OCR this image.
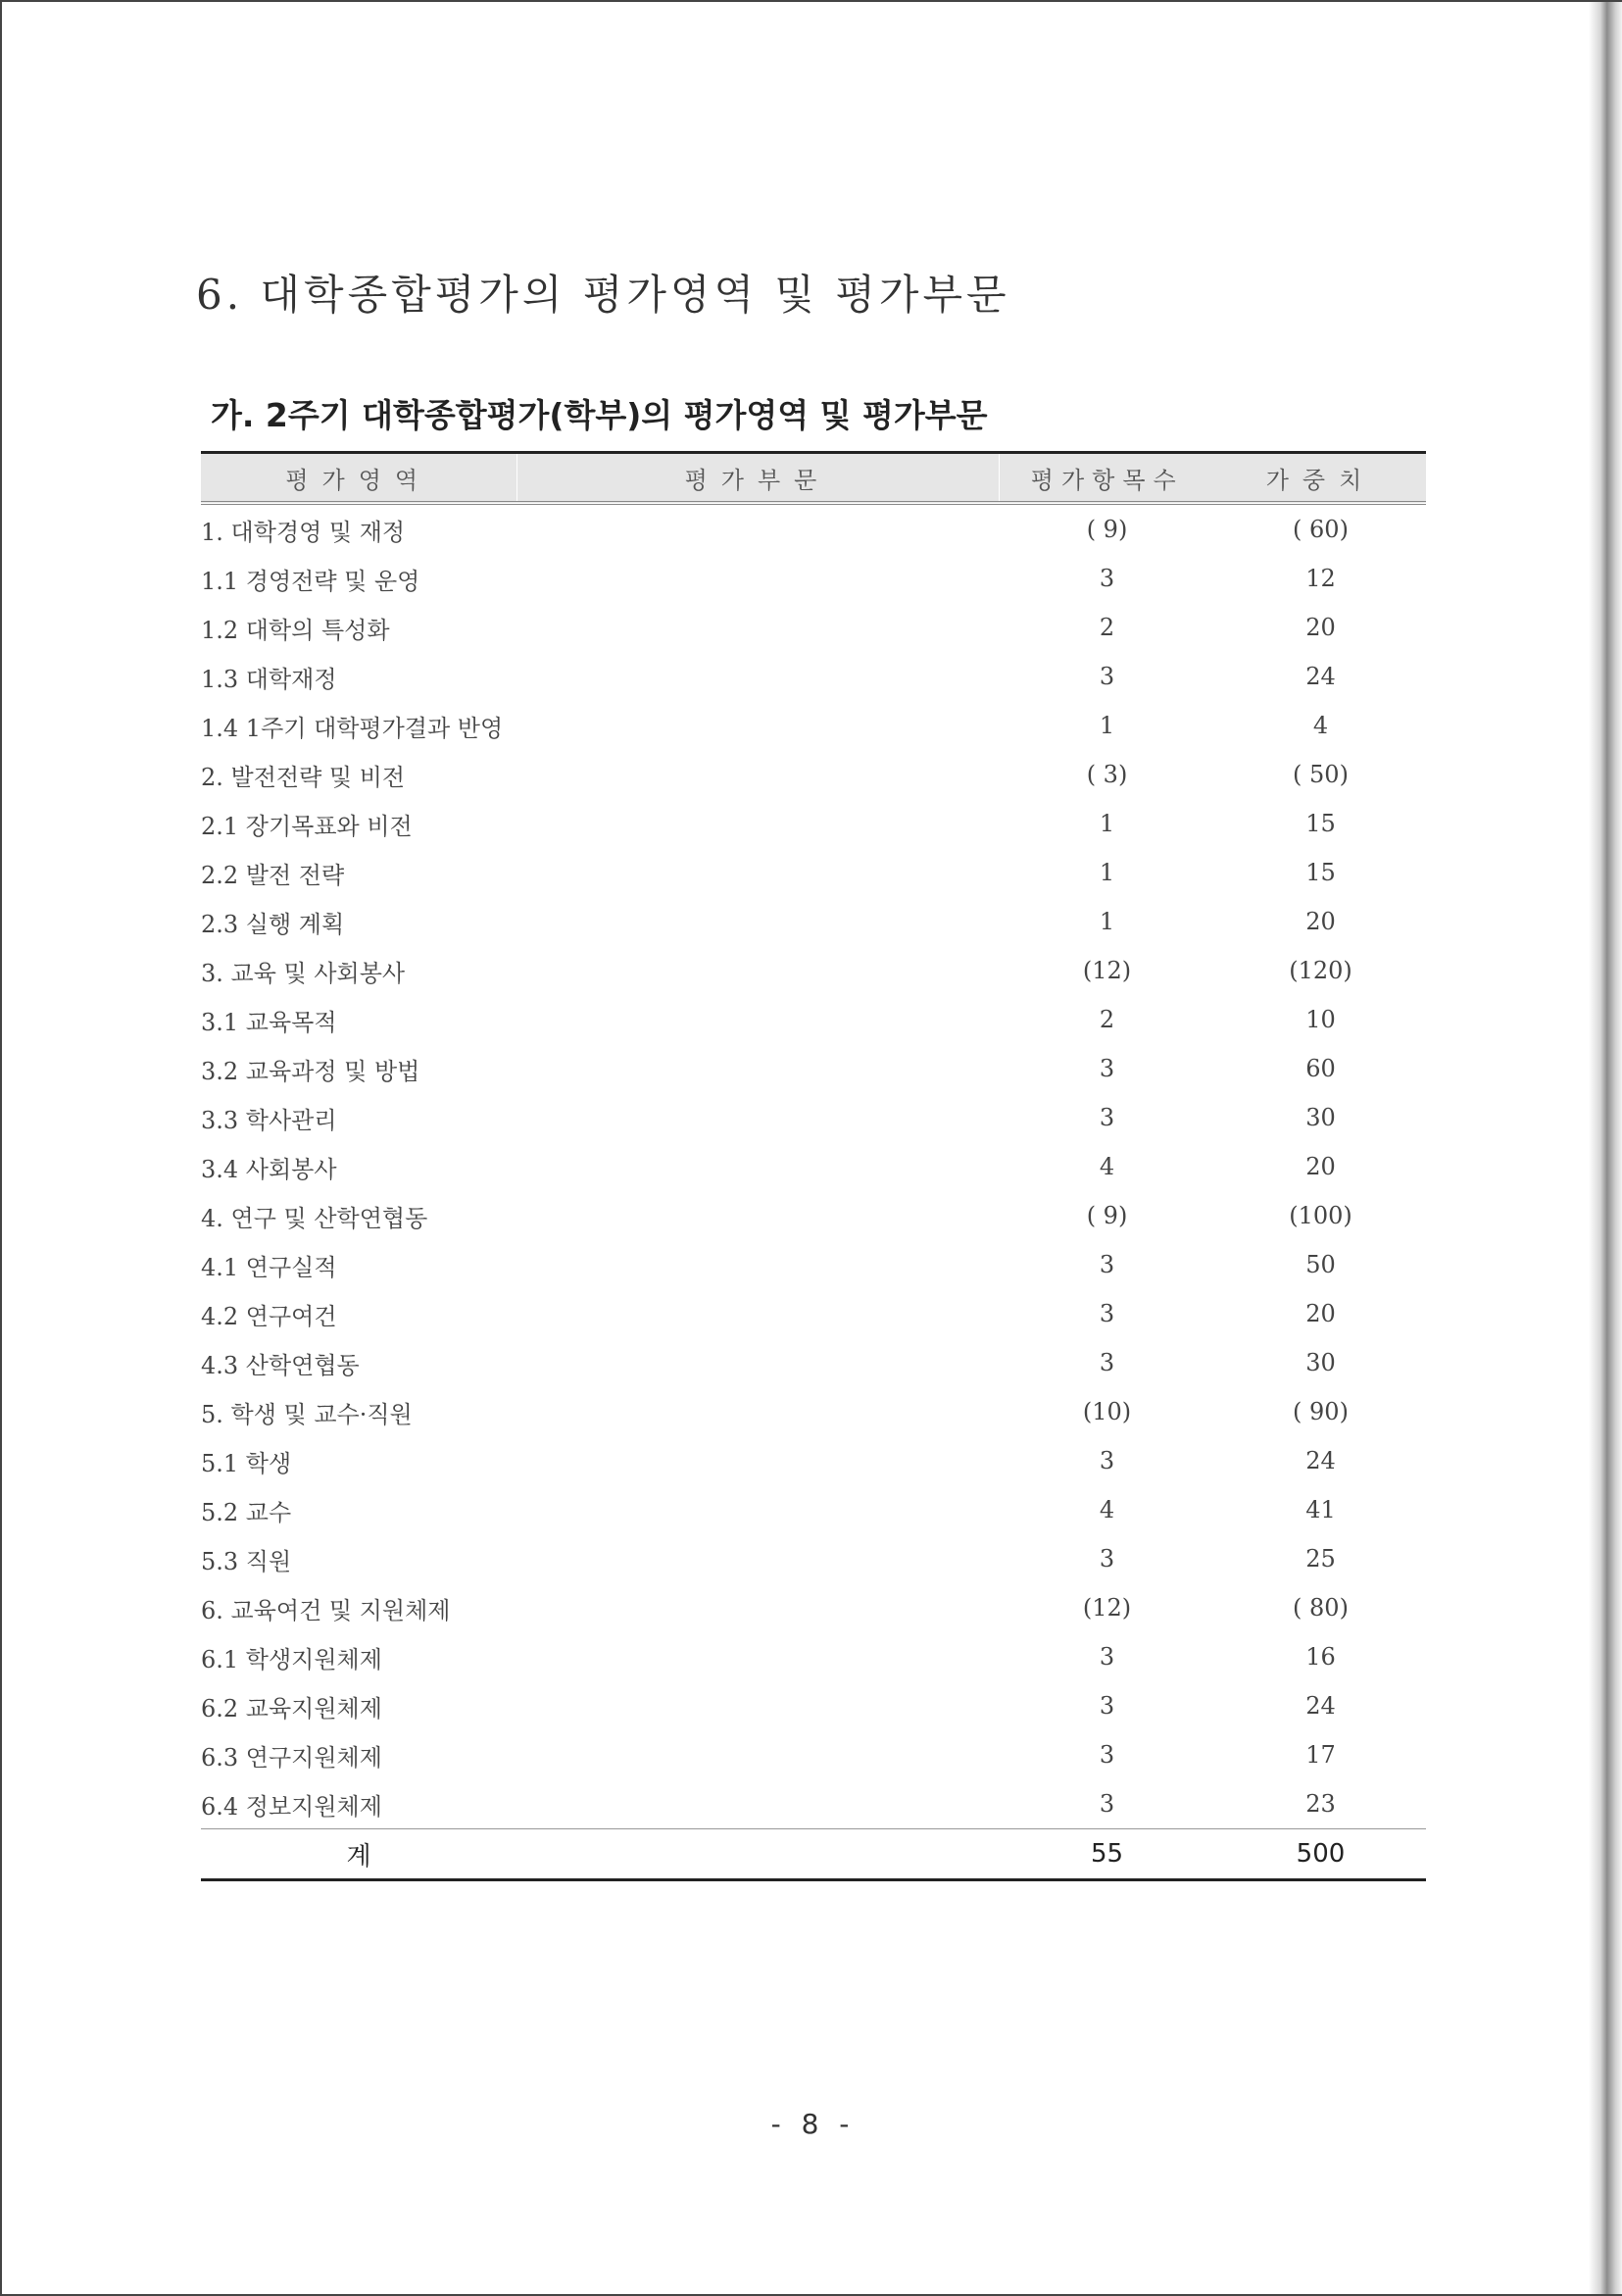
6. 대학종합평가의 평가영역 및 평가부문
가. 2주기 대학종합평가(학부)의 평가영역 및 평가부문
평가영역	평가부문	평가항목수	가중치
1. 대학경영 및 재정		( 9)	( 60)
1.1 경영전략 및 운영		3	12
1.2 대학의 특성화		2	20
1.3 대학재정		3	24
1.4 1주기 대학평가결과 반영		1	4
2. 발전전략 및 비전		( 3)	( 50)
2.1 장기목표와 비전		1	15
2.2 발전 전략		1	15
2.3 실행 계획		1	20
3. 교육 및 사회봉사		(12)	(120)
3.1 교육목적		2	10
3.2 교육과정 및 방법		3	60
3.3 학사관리		3	30
3.4 사회봉사		4	20
4. 연구 및 산학연협동		( 9)	(100)
4.1 연구실적		3	50
4.2 연구여건		3	20
4.3 산학연협동		3	30
5. 학생 및 교수·직원		(10)	( 90)
5.1 학생		3	24
5.2 교수		4	41
5.3 직원		3	25
6. 교육여건 및 지원체제		(12)	( 80)
6.1 학생지원체제		3	16
6.2 교육지원체제		3	24
6.3 연구지원체제		3	17
6.4 정보지원체제		3	23
계		55	500
- 8 -
